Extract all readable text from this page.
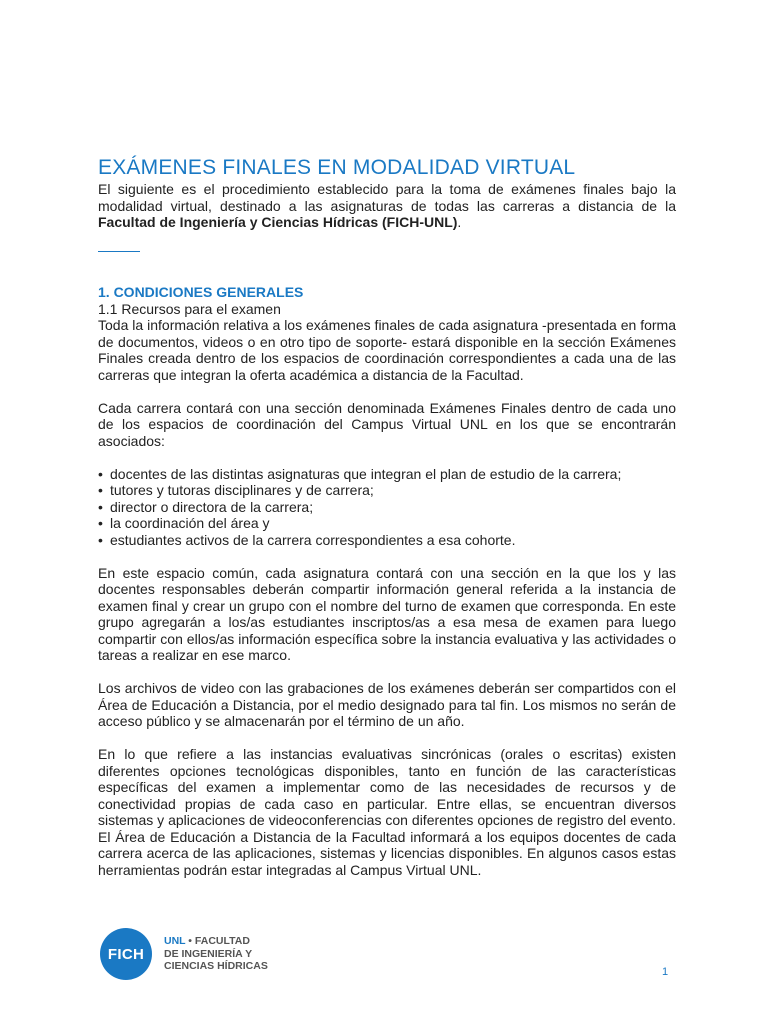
EXÁMENES FINALES EN MODALIDAD VIRTUAL

El siguiente es el procedimiento establecido para la toma de exámenes finales bajo la modalidad virtual, destinado a las asignaturas de todas las carreras a distancia de la Facultad de Ingeniería y Ciencias Hídricas (FICH-UNL).

1. CONDICIONES GENERALES
1.1 Recursos para el examen

Toda la información relativa a los exámenes finales de cada asignatura -presentada en forma de documentos, videos o en otro tipo de soporte- estará disponible en la sección Exámenes Finales creada dentro de los espacios de coordinación correspondientes a cada una de las carreras que integran la oferta académica a distancia de la Facultad.

Cada carrera contará con una sección denominada Exámenes Finales dentro de cada uno de los espacios de coordinación del Campus Virtual UNL en los que se encontrarán asociados:

• docentes de las distintas asignaturas que integran el plan de estudio de la carrera;
• tutores y tutoras disciplinares y de carrera;
• director o directora de la carrera;
• la coordinación del área y
• estudiantes activos de la carrera correspondientes a esa cohorte.

En este espacio común, cada asignatura contará con una sección en la que los y las docentes responsables deberán compartir información general referida a la instancia de examen final y crear un grupo con el nombre del turno de examen que corresponda. En este grupo agregarán a los/as estudiantes inscriptos/as a esa mesa de examen para luego compartir con ellos/as información específica sobre la instancia evaluativa y las actividades o tareas a realizar en ese marco.

Los archivos de video con las grabaciones de los exámenes deberán ser compartidos con el Área de Educación a Distancia, por el medio designado para tal fin. Los mismos no serán de acceso público y se almacenarán por el término de un año.

En lo que refiere a las instancias evaluativas sincrónicas (orales o escritas) existen diferentes opciones tecnológicas disponibles, tanto en función de las características específicas del examen a implementar como de las necesidades de recursos y de conectividad propias de cada caso en particular. Entre ellas, se encuentran diversos sistemas y aplicaciones de videoconferencias con diferentes opciones de registro del evento. El Área de Educación a Distancia de la Facultad informará a los equipos docentes de cada carrera acerca de las aplicaciones, sistemas y licencias disponibles. En algunos casos estas herramientas podrán estar integradas al Campus Virtual UNL.

FICH
UNL • FACULTAD
DE INGENIERÍA Y
CIENCIAS HÍDRICAS	1
